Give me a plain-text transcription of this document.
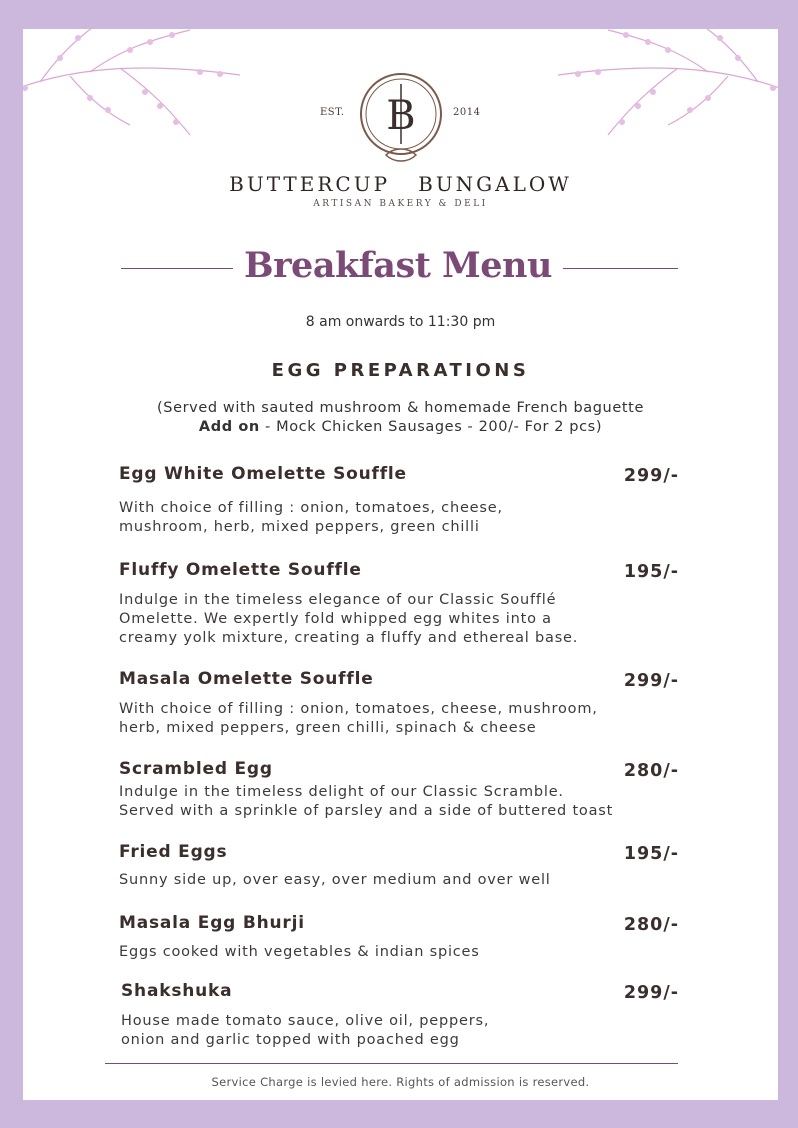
EST. B	2014
BUTTERCUP   BUNGALOW
ARTISAN BAKERY & DELI
Breakfast Menu
8 am onwards to 11:30 pm
EGG PREPARATIONS
(Served with sauted mushroom & homemade French baguette
Add on - Mock Chicken Sausages - 200/- For 2 pcs)
Egg White Omelette Souffle	299/-
With choice of filling : onion, tomatoes, cheese,
mushroom, herb, mixed peppers, green chilli
Fluffy Omelette Souffle	195/-
Indulge in the timeless elegance of our Classic Soufflé
Omelette. We expertly fold whipped egg whites into a
creamy yolk mixture, creating a fluffy and ethereal base.
Masala Omelette Souffle	299/-
With choice of filling : onion, tomatoes, cheese, mushroom,
herb, mixed peppers, green chilli, spinach & cheese
Scrambled Egg	280/-
Indulge in the timeless delight of our Classic Scramble.
Served with a sprinkle of parsley and a side of buttered toast
Fried Eggs	195/-
Sunny side up, over easy, over medium and over well
Masala Egg Bhurji	280/-
Eggs cooked with vegetables & indian spices
Shakshuka	299/-
House made tomato sauce, olive oil, peppers,
onion and garlic topped with poached egg
Service Charge is levied here. Rights of admission is reserved.
